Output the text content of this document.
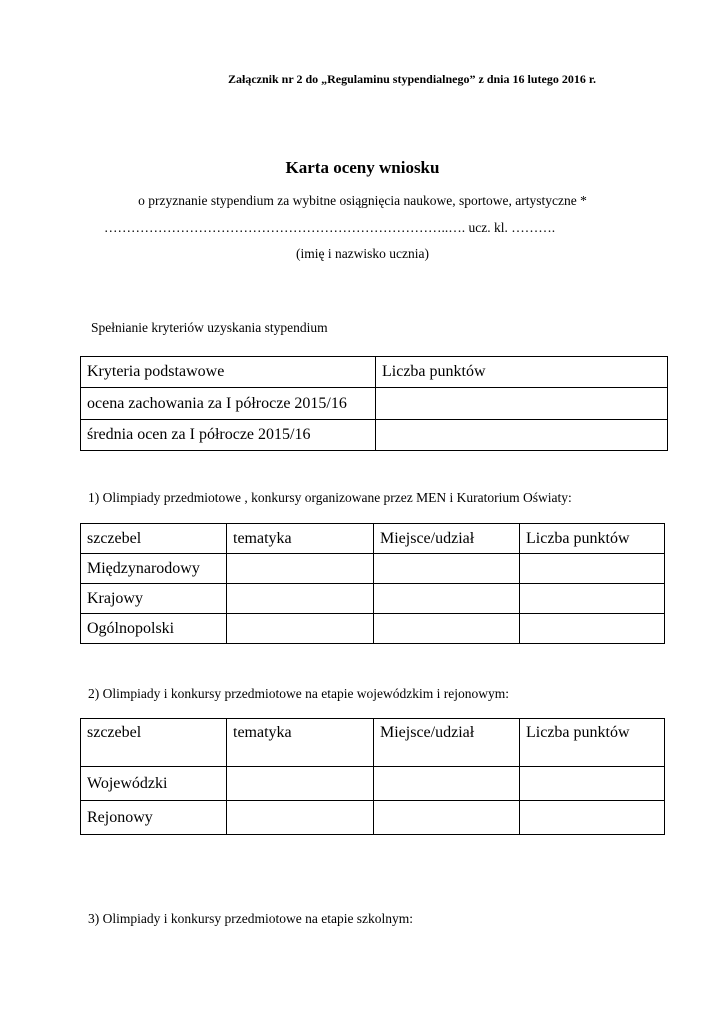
Załącznik nr 2 do „Regulaminu stypendialnego” z dnia 16 lutego 2016 r.
Karta oceny wniosku
o przyznanie stypendium za wybitne osiągnięcia naukowe, sportowe, artystyczne *
…………………………………………………………………..…. ucz. kl. ……….
(imię i nazwisko ucznia)
Spełnianie kryteriów uzyskania stypendium
Kryteria podstawowe	Liczba punktów
ocena zachowania za I półrocze 2015/16	
średnia ocen za I półrocze 2015/16	
1) Olimpiady przedmiotowe , konkursy organizowane przez MEN i Kuratorium Oświaty:
szczebel	tematyka	Miejsce/udział	Liczba punktów
Międzynarodowy			
Krajowy			
Ogólnopolski			
2) Olimpiady i konkursy przedmiotowe na etapie wojewódzkim i rejonowym:
szczebel	tematyka	Miejsce/udział	Liczba punktów
Wojewódzki			
Rejonowy			
3) Olimpiady i konkursy przedmiotowe na etapie szkolnym:
